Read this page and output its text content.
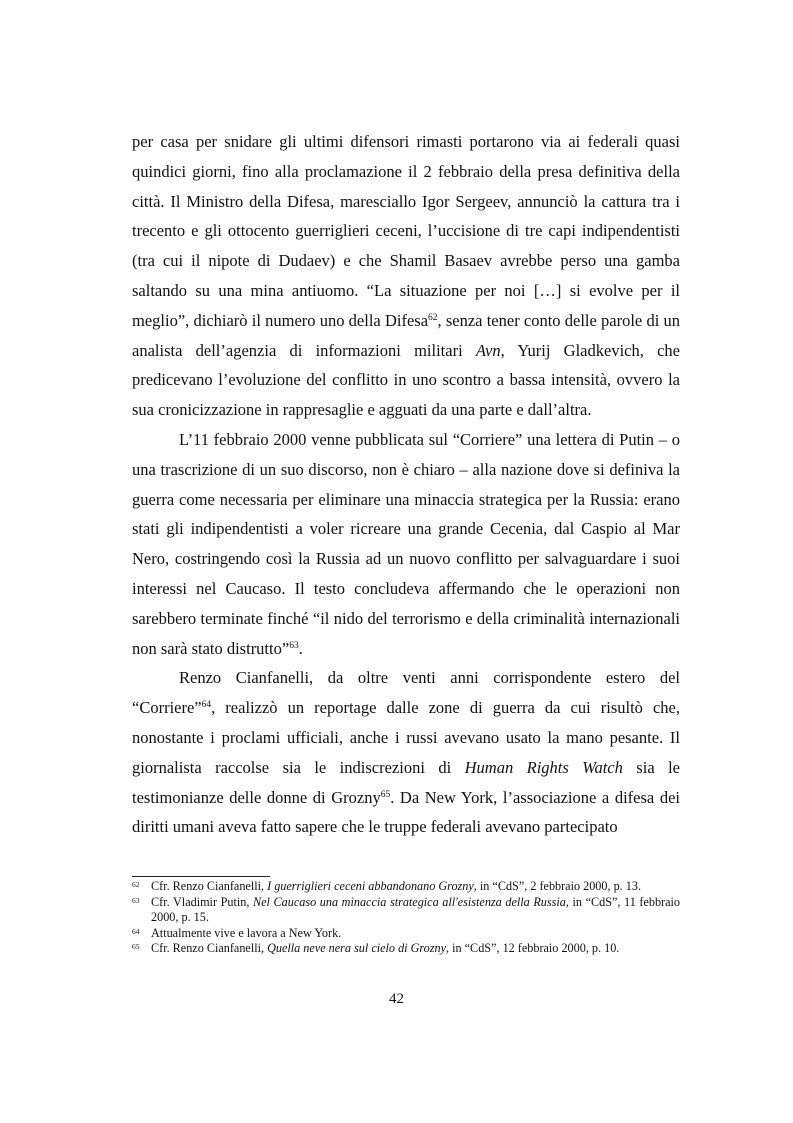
per casa per snidare gli ultimi difensori rimasti portarono via ai federali quasi quindici giorni, fino alla proclamazione il 2 febbraio della presa definitiva della città. Il Ministro della Difesa, maresciallo Igor Sergeev, annunciò la cattura tra i trecento e gli ottocento guerriglieri ceceni, l’uccisione di tre capi indipendentisti (tra cui il nipote di Dudaev) e che Shamil Basaev avrebbe perso una gamba saltando su una mina antiuomo. “La situazione per noi […] si evolve per il meglio”, dichiarò il numero uno della Difesa$^{62}$, senza tener conto delle parole di un analista dell’agenzia di informazioni militari Avn, Yurij Gladkevich, che predicevano l’evoluzione del conflitto in uno scontro a bassa intensità, ovvero la sua cronicizzazione in rappresaglie e agguati da una parte e dall’altra.

L’11 febbraio 2000 venne pubblicata sul “Corriere” una lettera di Putin – o una trascrizione di un suo discorso, non è chiaro – alla nazione dove si definiva la guerra come necessaria per eliminare una minaccia strategica per la Russia: erano stati gli indipendentisti a voler ricreare una grande Cecenia, dal Caspio al Mar Nero, costringendo così la Russia ad un nuovo conflitto per salvaguardare i suoi interessi nel Caucaso. Il testo concludeva affermando che le operazioni non sarebbero terminate finché “il nido del terrorismo e della criminalità internazionali non sarà stato distrutto”$^{63}$.

Renzo Cianfanelli, da oltre venti anni corrispondente estero del “Corriere”$^{64}$, realizzò un reportage dalle zone di guerra da cui risultò che, nonostante i proclami ufficiali, anche i russi avevano usato la mano pesante. Il giornalista raccolse sia le indiscrezioni di Human Rights Watch sia le testimonianze delle donne di Grozny$^{65}$. Da New York, l’associazione a difesa dei diritti umani aveva fatto sapere che le truppe federali avevano partecipato

62 Cfr. Renzo Cianfanelli, I guerriglieri ceceni abbandonano Grozny, in “CdS”, 2 febbraio 2000, p. 13.
63 Cfr. Vladimir Putin, Nel Caucaso una minaccia strategica all'esistenza della Russia, in “CdS”, 11 febbraio 2000, p. 15.
64 Attualmente vive e lavora a New York.
65 Cfr. Renzo Cianfanelli, Quella neve nera sul cielo di Grozny, in “CdS”, 12 febbraio 2000, p. 10.
42
